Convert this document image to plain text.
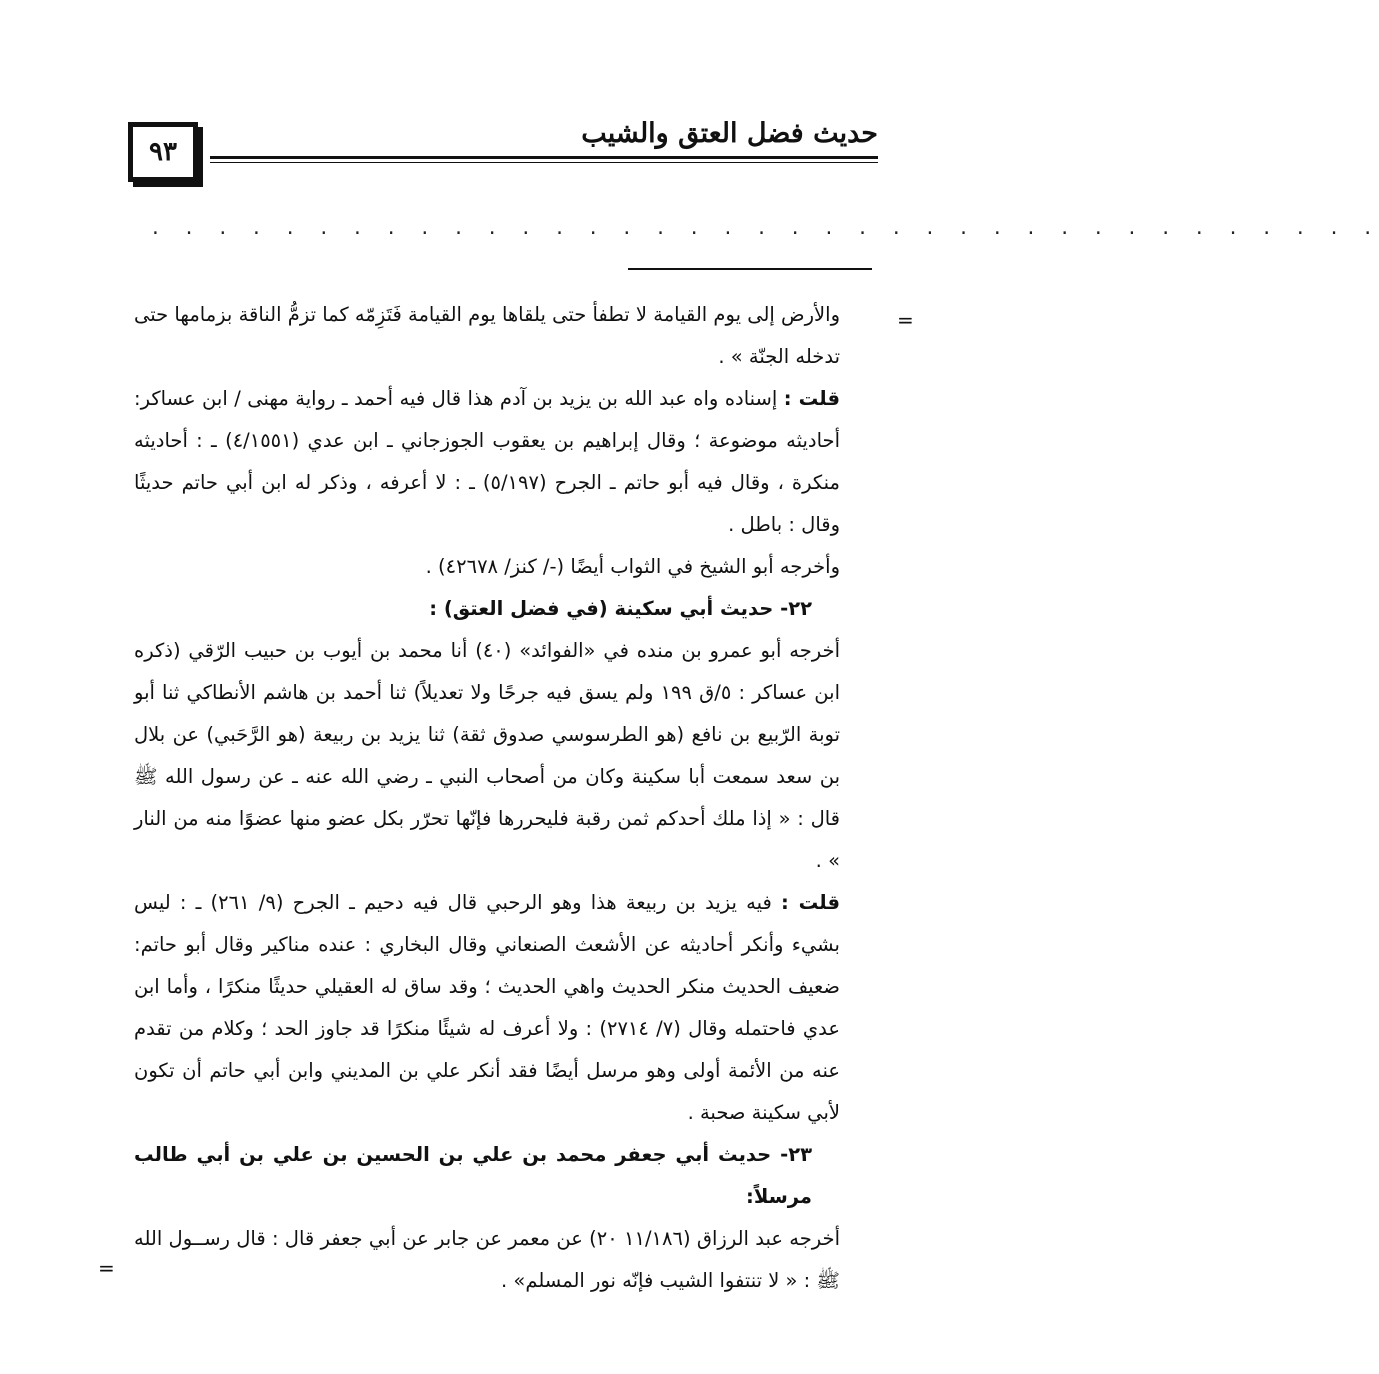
٩٣
حديث فضل العتق والشيب
. . . . . . . . . . . . . . . . . . . . . . . . . . . . . . . . . . . . .
=
=

والأرض إلى يوم القيامة لا تطفأ حتى يلقاها يوم القيامة فَتَزِمّه كما تزمُّ الناقة بزمامها حتى تدخله الجنّة » .

قلت : إسناده واه عبد الله بن يزيد بن آدم هذا قال فيه أحمد ـ رواية مهنى / ابن عساكر: أحاديثه موضوعة ؛ وقال إبراهيم بن يعقوب الجوزجاني ـ ابن عدي (٤/١٥٥١) ـ : أحاديثه منكرة ، وقال فيه أبو حاتم ـ الجرح (٥/١٩٧) ـ : لا أعرفه ، وذكر له ابن أبي حاتم حديثًا وقال : باطل .

وأخرجه أبو الشيخ في الثواب أيضًا (-/ كنز/ ٤٢٦٧٨) .

٢٢- حديث أبي سكينة (في فضل العتق) :

أخرجه أبو عمرو بن منده في «الفوائد» (٤٠) أنا محمد بن أيوب بن حبيب الرّقي (ذكره ابن عساكر : ٥/ق ١٩٩ ولم يسق فيه جرحًا ولا تعديلاً) ثنا أحمد بن هاشم الأنطاكي ثنا أبو توبة الرّبيع بن نافع (هو الطرسوسي صدوق ثقة) ثنا يزيد بن ربيعة (هو الرَّحَبي) عن بلال بن سعد سمعت أبا سكينة وكان من أصحاب النبي ـ رضي الله عنه ـ عن رسول الله ﷺ قال : « إذا ملك أحدكم ثمن رقبة فليحررها فإنّها تحرّر بكل عضو منها عضوًا منه من النار » .

قلت : فيه يزيد بن ربيعة هذا وهو الرحبي قال فيه دحيم ـ الجرح (٩/ ٢٦١) ـ : ليس بشيء وأنكر أحاديثه عن الأشعث الصنعاني وقال البخاري : عنده مناكير وقال أبو حاتم: ضعيف الحديث منكر الحديث واهي الحديث ؛ وقد ساق له العقيلي حديثًا منكرًا ، وأما ابن عدي فاحتمله وقال (٧/ ٢٧١٤) : ولا أعرف له شيئًا منكرًا قد جاوز الحد ؛ وكلام من تقدم عنه من الأئمة أولى وهو مرسل أيضًا فقد أنكر علي بن المديني وابن أبي حاتم أن تكون لأبي سكينة صحبة .

٢٣- حديث أبي جعفر محمد بن علي بن الحسين بن علي بن أبي طالب مرسلاً:

أخرجه عبد الرزاق (١١/١٨٦ ٢٠) عن معمر عن جابر عن أبي جعفر قال : قال رســول الله ﷺ : « لا تنتفوا الشيب فإنّه نور المسلم» .
